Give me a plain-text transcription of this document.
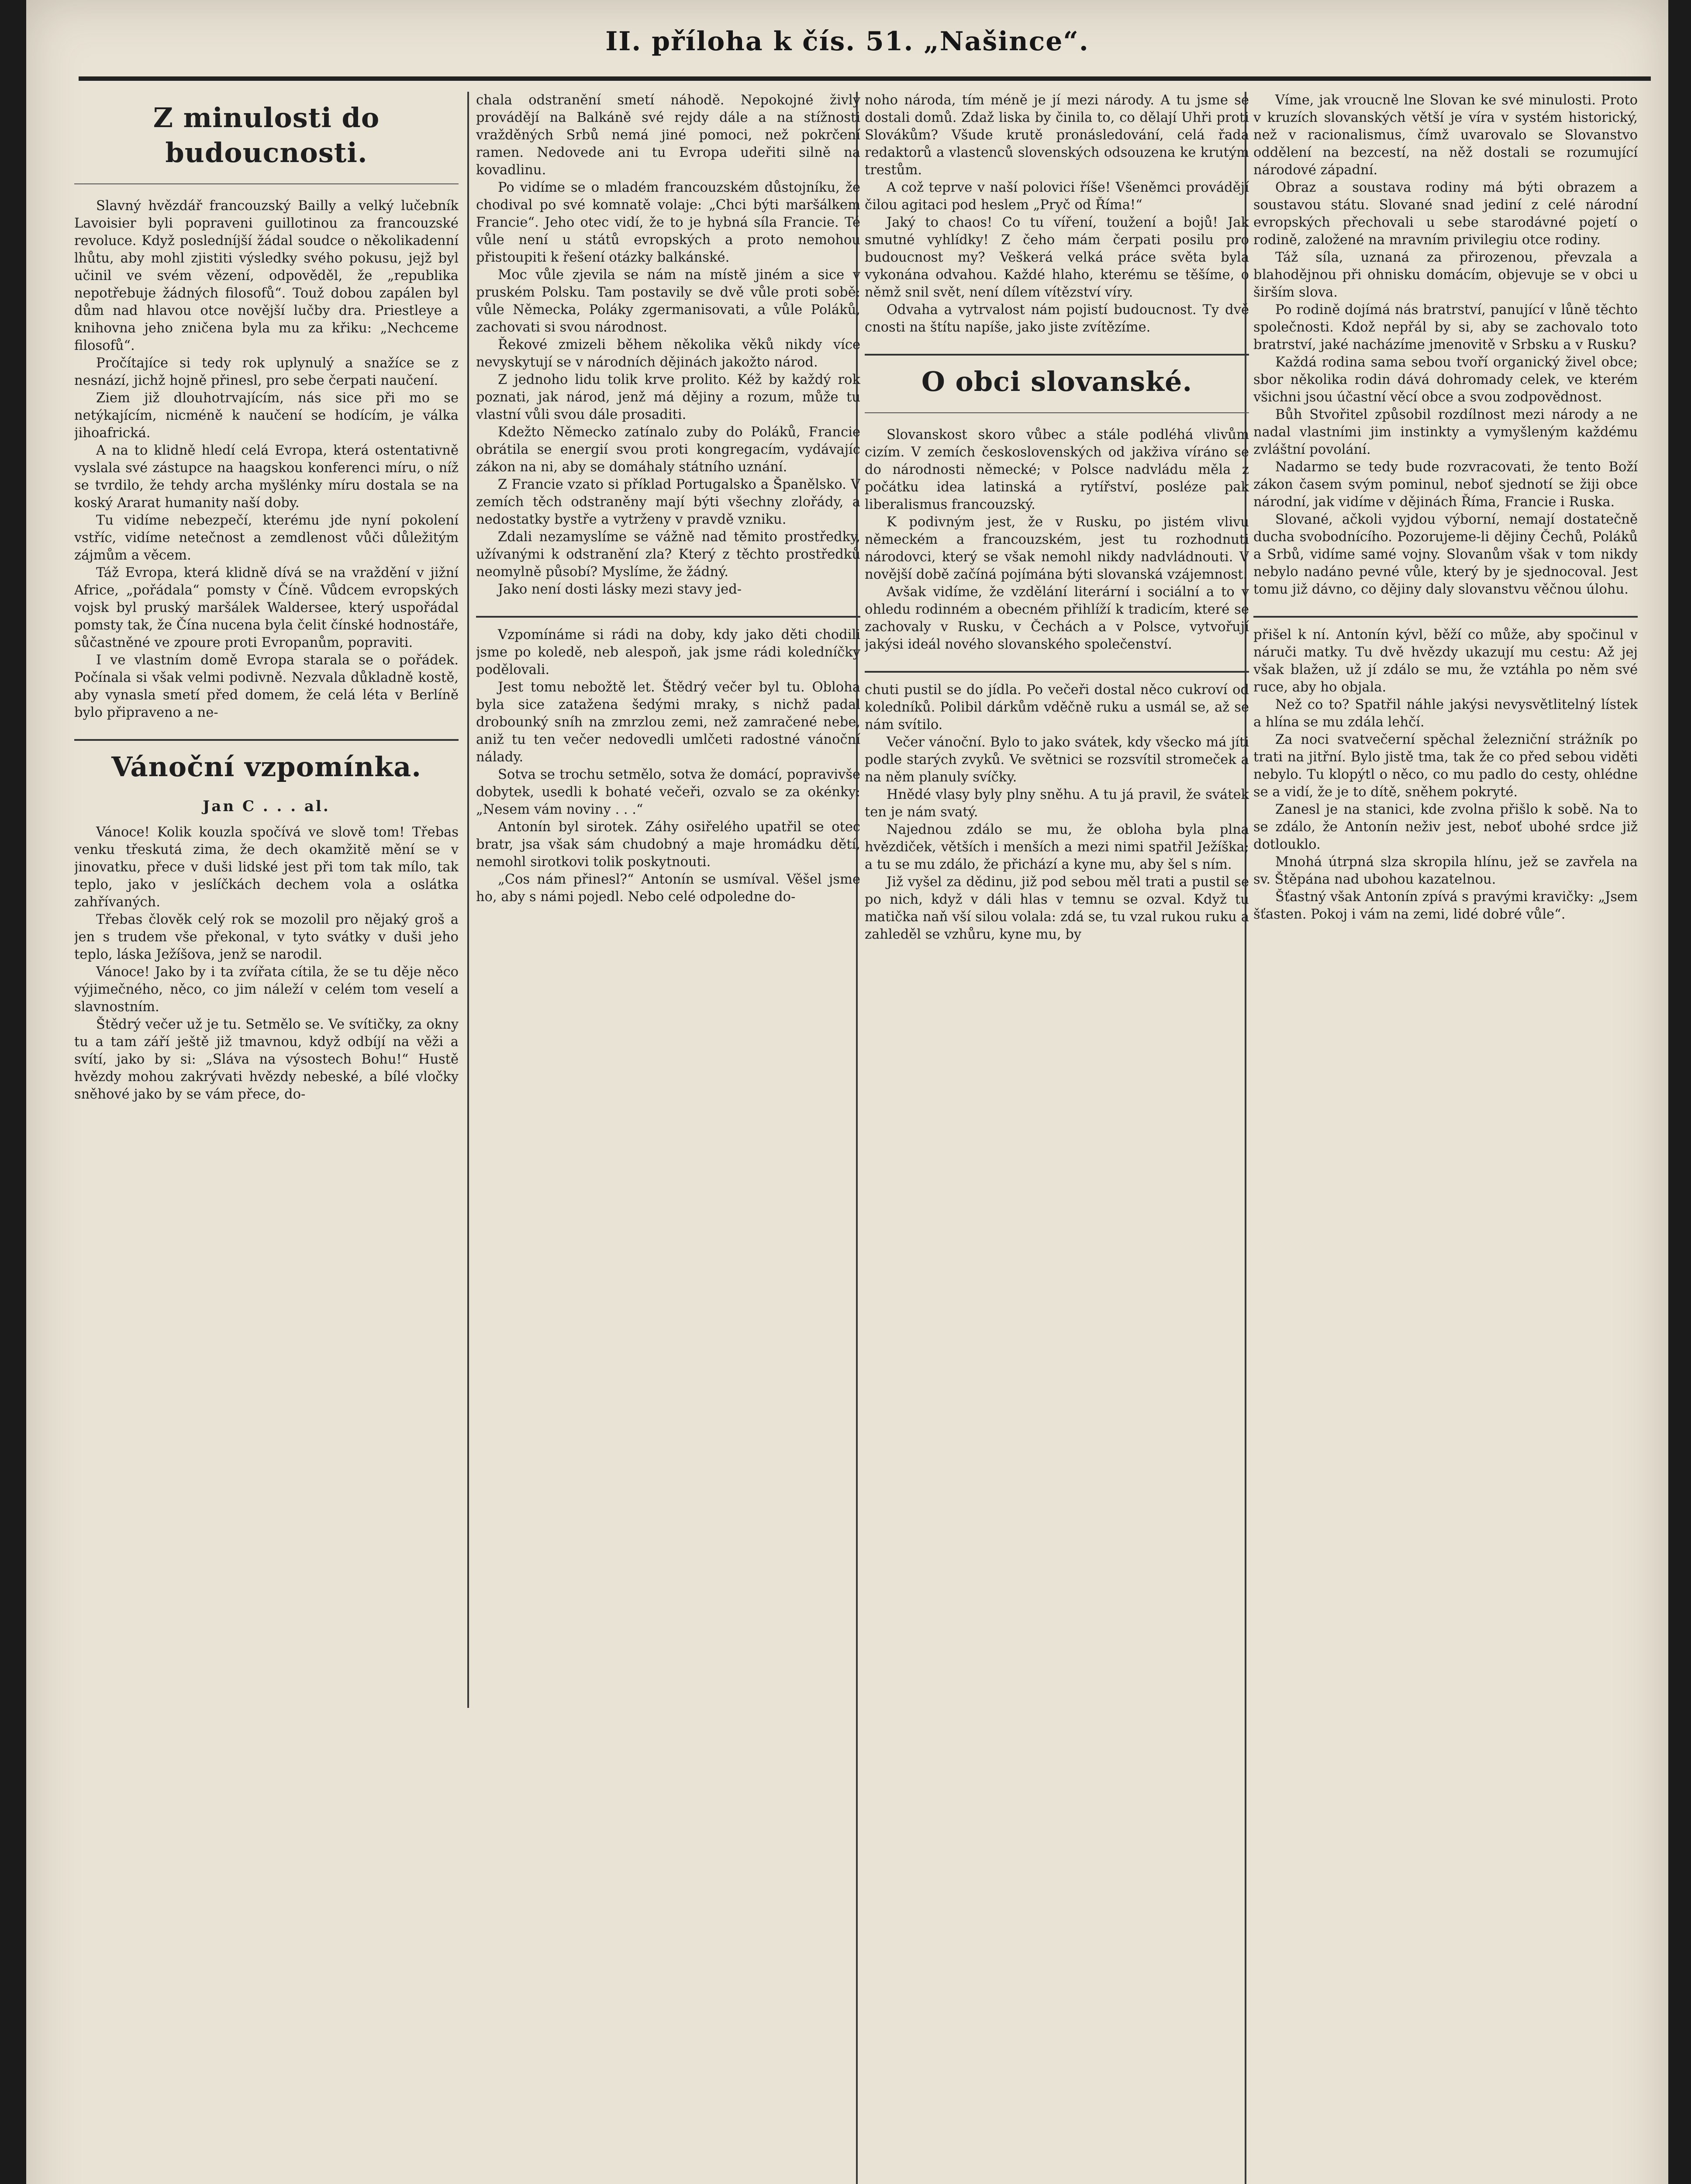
II. příloha k čís. 51. „Našince“.
Z minulosti do budoucnosti.

Slavný hvězdář francouzský Bailly a velký lučebník Lavoisier byli popraveni guillotinou za francouzské revoluce. Když posledníjší žádal soudce o několikadenní lhůtu, aby mohl zjistiti výsledky svého pokusu, jejž byl učinil ve svém vězení, odpověděl, že „republika nepotřebuje žádných filosofů“. Touž dobou zapálen byl dům nad hlavou otce novější lučby dra. Priestleye a knihovna jeho zničena byla mu za křiku: „Nechceme filosofů“.

Pročítajíce si tedy rok uplynulý a snažíce se z nesnází, jichž hojně přinesl, pro sebe čerpati naučení.

Ziem již dlouhotrvajícím, nás sice při mo se netýkajícím, nicméně k naučení se hodícím, je válka jihoafrická.

A na to klidně hledí celá Evropa, která ostentativně vyslala své zástupce na haagskou konferenci míru, o níž se tvrdilo, že tehdy archa myšlénky míru dostala se na koský Ararat humanity naší doby.

Tu vidíme nebezpečí, kterému jde nyní pokolení vstříc, vidíme netečnost a zemdlenost vůči důležitým zájmům a věcem.

Táž Evropa, která klidně dívá se na vraždění v jižní Africe, „pořádala“ pomsty v Číně. Vůdcem evropských vojsk byl pruský maršálek Waldersee, který uspořádal pomsty tak, že Čína nucena byla čelit čínské hodnostáře, sůčastněné ve zpoure proti Evropanům, popraviti.

I ve vlastním domě Evropa starala se o pořádek. Počínala si však velmi podivně. Nezvala důkladně kostě, aby vynasla smetí před domem, že celá léta v Berlíně bylo připraveno a ne-

Vánoční vzpomínka.
Jan C . . . al.

Vánoce! Kolik kouzla spočívá ve slově tom! Třebas venku třeskutá zima, že dech okamžitě mění se v jinovatku, přece v duši lidské jest při tom tak mílo, tak teplo, jako v jeslíčkách dechem vola a oslátka zahřívaných.

Třebas člověk celý rok se mozolil pro nějaký groš a jen s trudem vše překonal, v tyto svátky v duši jeho teplo, láska Ježíšova, jenž se narodil.

Vánoce! Jako by i ta zvířata cítila, že se tu děje něco výjimečného, něco, co jim náleží v celém tom veselí a slavnostním.

Štědrý večer už je tu. Setmělo se. Ve svítičky, za okny tu a tam září ještě již tmavnou, když odbíjí na věži a svítí, jako by si: „Sláva na výsostech Bohu!“ Hustě hvězdy mohou zakrývati hvězdy nebeské, a bílé vločky sněhové jako by se vám přece, do-

chala odstranění smetí náhodě. Nepokojné živly provádějí na Balkáně své rejdy dále a na stížnosti vražděných Srbů nemá jiné pomoci, než pokrčení ramen. Nedovede ani tu Evropa udeřiti silně na kovadlinu.

Po vidíme se o mladém francouzském důstojníku, že chodival po své komnatě volaje: „Chci býti maršálkem Francie“. Jeho otec vidí, že to je hybná síla Francie. Té vůle není u států evropských a proto nemohou přistoupiti k řešení otázky balkánské.

Moc vůle zjevila se nám na místě jiném a sice v pruském Polsku. Tam postavily se dvě vůle proti sobě: vůle Německa, Poláky zgermanisovati, a vůle Poláků, zachovati si svou národnost.

Řekové zmizeli během několika věků nikdy více nevyskytují se v národních dějinách jakožto národ.

Z jednoho lidu tolik krve prolito. Kéž by každý rok poznati, jak národ, jenž má dějiny a rozum, může tu vlastní vůli svou dále prosaditi.

Kdežto Německo zatínalo zuby do Poláků, Francie obrátila se energií svou proti kongregacím, vydávajíc zákon na ni, aby se domáhaly státního uznání.

Z Francie vzato si příklad Portugalsko a Španělsko. V zemích těch odstraněny mají býti všechny zlořády, a nedostatky bystře a vytrženy v pravdě vzniku.

Zdali nezamyslíme se vážně nad těmito prostředky, užívanými k odstranění zla? Který z těchto prostředků neomylně působí? Myslíme, že žádný.

Jako není dosti lásky mezi stavy jed-

Vzpomínáme si rádi na doby, kdy jako děti chodili jsme po koledě, neb alespoň, jak jsme rádi koledníčky podělovali.

Jest tomu nebožtě let. Štědrý večer byl tu. Obloha byla sice zatažena šedými mraky, s nichž padal drobounký sníh na zmrzlou zemi, než zamračené nebe, aniž tu ten večer nedovedli umlčeti radostné vánoční nálady.

Sotva se trochu setmělo, sotva že domácí, popravivše dobytek, usedli k bohaté večeři, ozvalo se za okénky: „Nesem vám noviny . . .“

Antonín byl sirotek. Záhy osiřelého upatřil se otec bratr, jsa však sám chudobný a maje hromádku dětí, nemohl sirotkovi tolik poskytnouti.

„Cos nám přinesl?“ Antonín se usmíval. Věšel jsme ho, aby s námi pojedl. Nebo celé odpoledne do-

noho národa, tím méně je jí mezi národy. A tu jsme se dostali domů. Zdaž liska by činila to, co dělají Uhři proti Slovákům? Všude krutě pronásledování, celá řada redaktorů a vlastenců slovenských odsouzena ke krutým trestům.

A což teprve v naší polovici říše! Všeněmci provádějí čilou agitaci pod heslem „Pryč od Říma!“

Jaký to chaos! Co tu víření, toužení a bojů! Jak smutné vyhlídky! Z čeho mám čerpati posilu pro budoucnost my? Veškerá velká práce světa byla vykonána odvahou. Každé hlaho, kterému se těšíme, o němž snil svět, není dílem vítězství víry.

Odvaha a vytrvalost nám pojistí budoucnost. Ty dvě cnosti na štítu napíše, jako jiste zvítězíme.

O obci slovanské.

Slovanskost skoro vůbec a stále podléhá vlivům cizím. V zemích československých od jakživa víráno se do národnosti německé; v Polsce nadvládu měla z počátku idea latinská a rytířství, posléze pak liberalismus francouzský.

K podivným jest, že v Rusku, po jistém vlivu německém a francouzském, jest tu rozhodnuti národovci, který se však nemohl nikdy nadvládnouti. V novější době začíná pojímána býti slovanská vzájemnost.

Avšak vidíme, že vzdělání literární i sociální a to v ohledu rodinném a obecném přihlíží k tradicím, které se zachovaly v Rusku, v Čechách a v Polsce, vytvořují jakýsi ideál nového slovanského společenství.

chuti pustil se do jídla. Po večeři dostal něco cukroví od koledníků. Polibil dárkům vděčně ruku a usmál se, až se nám svítilo.

Večer vánoční. Bylo to jako svátek, kdy všecko má jíti podle starých zvyků. Ve světnici se rozsvítil stromeček a na něm planuly svíčky.

Hnědé vlasy byly plny sněhu. A tu já pravil, že svátek ten je nám svatý.

Najednou zdálo se mu, že obloha byla plna hvězdiček, větších i menších a mezi nimi spatřil Ježíška; a tu se mu zdálo, že přichází a kyne mu, aby šel s ním.

Již vyšel za dědinu, již pod sebou měl trati a pustil se po nich, když v dáli hlas v temnu se ozval. Když tu matička naň vší silou volala: zdá se, tu vzal rukou ruku a zahleděl se vzhůru, kyne mu, by

Víme, jak vroucně lne Slovan ke své minulosti. Proto v kruzích slovanských větší je víra v systém historický, než v racionalismus, čímž uvarovalo se Slovanstvo oddělení na bezcestí, na něž dostali se rozumující národové západní.

Obraz a soustava rodiny má býti obrazem a soustavou státu. Slované snad jediní z celé národní evropských přechovali u sebe starodávné pojetí o rodině, založené na mravním privilegiu otce rodiny.

Táž síla, uznaná za přirozenou, převzala a blahodějnou při ohnisku domácím, objevuje se v obci u širším slova.

Po rodině dojímá nás bratrství, panující v lůně těchto společnosti. Kdož nepřál by si, aby se zachovalo toto bratrství, jaké nacházíme jmenovitě v Srbsku a v Rusku?

Každá rodina sama sebou tvoří organický živel obce; sbor několika rodin dává dohromady celek, ve kterém všichni jsou účastní věcí obce a svou zodpovědnost.

Bůh Stvořitel způsobil rozdílnost mezi národy a ne nadal vlastními jim instinkty a vymyšleným každému zvláštní povolání.

Nadarmo se tedy bude rozvracovati, že tento Boží zákon časem svým pominul, neboť sjednotí se žiji obce národní, jak vidíme v dějinách Říma, Francie i Ruska.

Slované, ačkoli vyjdou výborní, nemají dostatečně ducha svobodnícího. Pozorujeme-li dějiny Čechů, Poláků a Srbů, vidíme samé vojny. Slovanům však v tom nikdy nebylo nadáno pevné vůle, který by je sjednocoval. Jest tomu již dávno, co dějiny daly slovanstvu věčnou úlohu.

přišel k ní. Antonín kývl, běží co může, aby spočinul v náruči matky. Tu dvě hvězdy ukazují mu cestu: Až jej však blažen, už jí zdálo se mu, že vztáhla po něm své ruce, aby ho objala.

Než co to? Spatřil náhle jakýsi nevysvětlitelný lístek a hlína se mu zdála lehčí.

Za noci svatvečerní spěchal železniční strážník po trati na jitřní. Bylo jistě tma, tak že co před sebou viděti nebylo. Tu klopýtl o něco, co mu padlo do cesty, ohlédne se a vidí, že je to dítě, sněhem pokryté.

Zanesl je na stanici, kde zvolna přišlo k sobě. Na to se zdálo, že Antonín neživ jest, neboť ubohé srdce již dotlouklo.

Mnohá útrpná slza skropila hlínu, jež se zavřela na sv. Štěpána nad ubohou kazatelnou.

Šťastný však Antonín zpívá s pravými kravičky: „Jsem šťasten. Pokoj i vám na zemi, lidé dobré vůle“.
